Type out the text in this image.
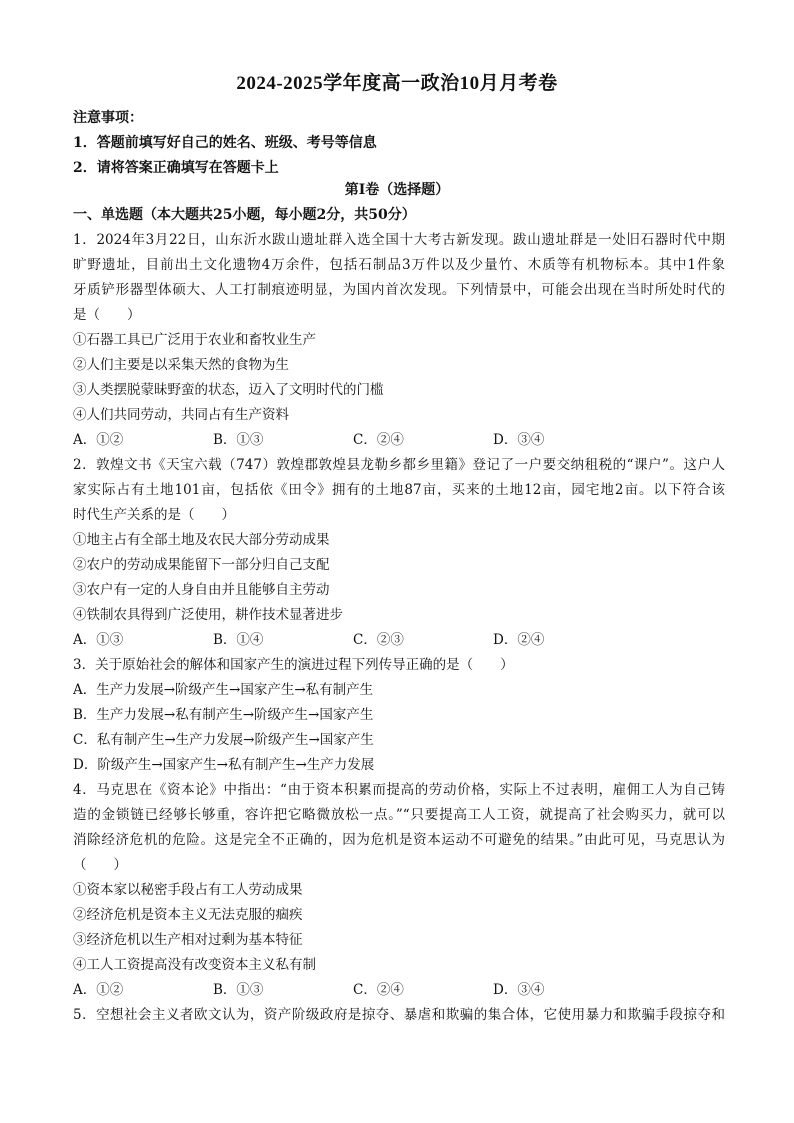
2024-2025学年度高一政治10月月考卷
注意事项：
1．答题前填写好自己的姓名、班级、考号等信息
2．请将答案正确填写在答题卡上
第Ⅰ卷（选择题）
一、单选题（本大题共25小题，每小题2分，共50分）
1．2024年3月22日，山东沂水跋山遗址群入选全国十大考古新发现。跋山遗址群是一处旧石器时代中期
旷野遗址，目前出土文化遗物4万余件，包括石制品3万件以及少量竹、木质等有机物标本。其中1件象
牙质铲形器型体硕大、人工打制痕迹明显，为国内首次发现。下列情景中，可能会出现在当时所处时代的
是（　　）
①石器工具已广泛用于农业和畜牧业生产
②人们主要是以采集天然的食物为生
③人类摆脱蒙昧野蛮的状态，迈入了文明时代的门槛
④人们共同劳动，共同占有生产资料
A．①②	B．①③	C．②④	D．③④
2．敦煌文书《天宝六载（747）敦煌郡敦煌县龙勒乡都乡里籍》登记了一户要交纳租税的“课户”。这户人
家实际占有土地101亩，包括依《田令》拥有的土地87亩，买来的土地12亩，园宅地2亩。以下符合该
时代生产关系的是（　　）
①地主占有全部土地及农民大部分劳动成果
②农户的劳动成果能留下一部分归自己支配
③农户有一定的人身自由并且能够自主劳动
④铁制农具得到广泛使用，耕作技术显著进步
A．①③	B．①④	C．②③	D．②④
3．关于原始社会的解体和国家产生的演进过程下列传导正确的是（　　）
A．生产力发展→阶级产生→国家产生→私有制产生
B．生产力发展→私有制产生→阶级产生→国家产生
C．私有制产生→生产力发展→阶级产生→国家产生
D．阶级产生→国家产生→私有制产生→生产力发展
4．马克思在《资本论》中指出：“由于资本积累而提高的劳动价格，实际上不过表明，雇佣工人为自己铸
造的金锁链已经够长够重，容许把它略微放松一点。”“只要提高工人工资，就提高了社会购买力，就可以
消除经济危机的危险。这是完全不正确的，因为危机是资本运动不可避免的结果。”由此可见，马克思认为
（　　）
①资本家以秘密手段占有工人劳动成果
②经济危机是资本主义无法克服的痼疾
③经济危机以生产相对过剩为基本特征
④工人工资提高没有改变资本主义私有制
A．①②	B．①③	C．②④	D．③④
5．空想社会主义者欧文认为，资产阶级政府是掠夺、暴虐和欺骗的集合体，它使用暴力和欺骗手段掠夺和
